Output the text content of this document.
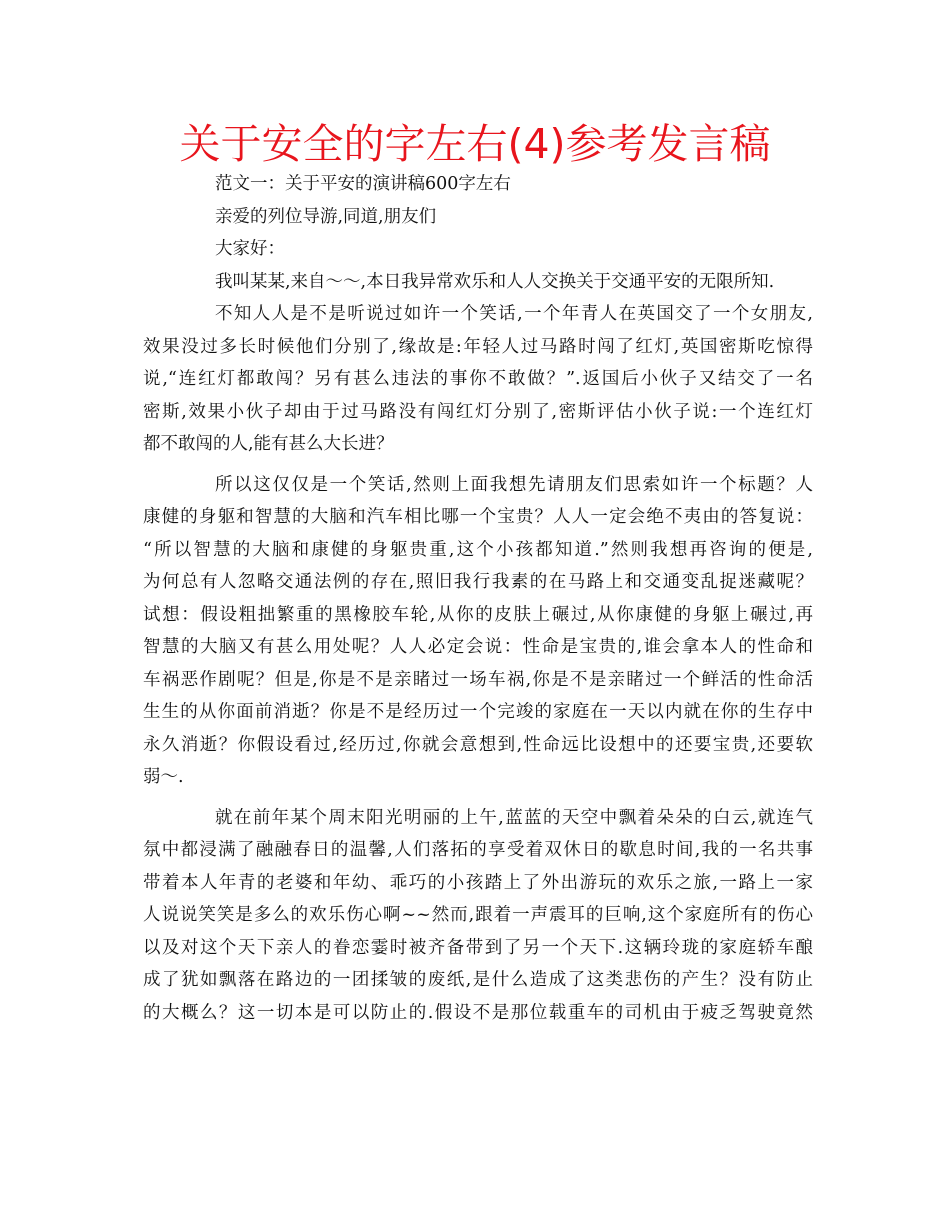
关于安全的字左右(4)参考发言稿
范文一：关于平安的演讲稿600字左右
亲爱的列位导游,同道,朋友们
大家好：
我叫某某,来自～～,本日我异常欢乐和人人交换关于交通平安的无限所知.
不知人人是不是听说过如许一个笑话,一个年青人在英国交了一个女朋友,
效果没过多长时候他们分别了,缘故是:年轻人过马路时闯了红灯,英国密斯吃惊得
说,“连红灯都敢闯？另有甚么违法的事你不敢做？”.返国后小伙子又结交了一名
密斯,效果小伙子却由于过马路没有闯红灯分别了,密斯评估小伙子说:一个连红灯
都不敢闯的人,能有甚么大长进？
所以这仅仅是一个笑话,然则上面我想先请朋友们思索如许一个标题？人
康健的身躯和智慧的大脑和汽车相比哪一个宝贵？人人一定会绝不夷由的答复说：
“所以智慧的大脑和康健的身躯贵重,这个小孩都知道.”然则我想再咨询的便是,
为何总有人忽略交通法例的存在,照旧我行我素的在马路上和交通变乱捉迷藏呢？
试想：假设粗拙繁重的黑橡胶车轮,从你的皮肤上碾过,从你康健的身躯上碾过,再
智慧的大脑又有甚么用处呢？人人必定会说：性命是宝贵的,谁会拿本人的性命和
车祸恶作剧呢？但是,你是不是亲睹过一场车祸,你是不是亲睹过一个鲜活的性命活
生生的从你面前消逝？你是不是经历过一个完竣的家庭在一天以内就在你的生存中
永久消逝？你假设看过,经历过,你就会意想到,性命远比设想中的还要宝贵,还要软
弱～.
就在前年某个周末阳光明丽的上午,蓝蓝的天空中飘着朵朵的白云,就连气
氛中都浸满了融融春日的温馨,人们落拓的享受着双休日的歇息时间,我的一名共事
带着本人年青的老婆和年幼、乖巧的小孩踏上了外出游玩的欢乐之旅,一路上一家
人说说笑笑是多么的欢乐伤心啊~~然而,跟着一声震耳的巨响,这个家庭所有的伤心
以及对这个天下亲人的眷恋霎时被齐备带到了另一个天下.这辆玲珑的家庭轿车酿
成了犹如飘落在路边的一团揉皱的废纸,是什么造成了这类悲伤的产生？没有防止
的大概么？这一切本是可以防止的.假设不是那位载重车的司机由于疲乏驾驶竟然
